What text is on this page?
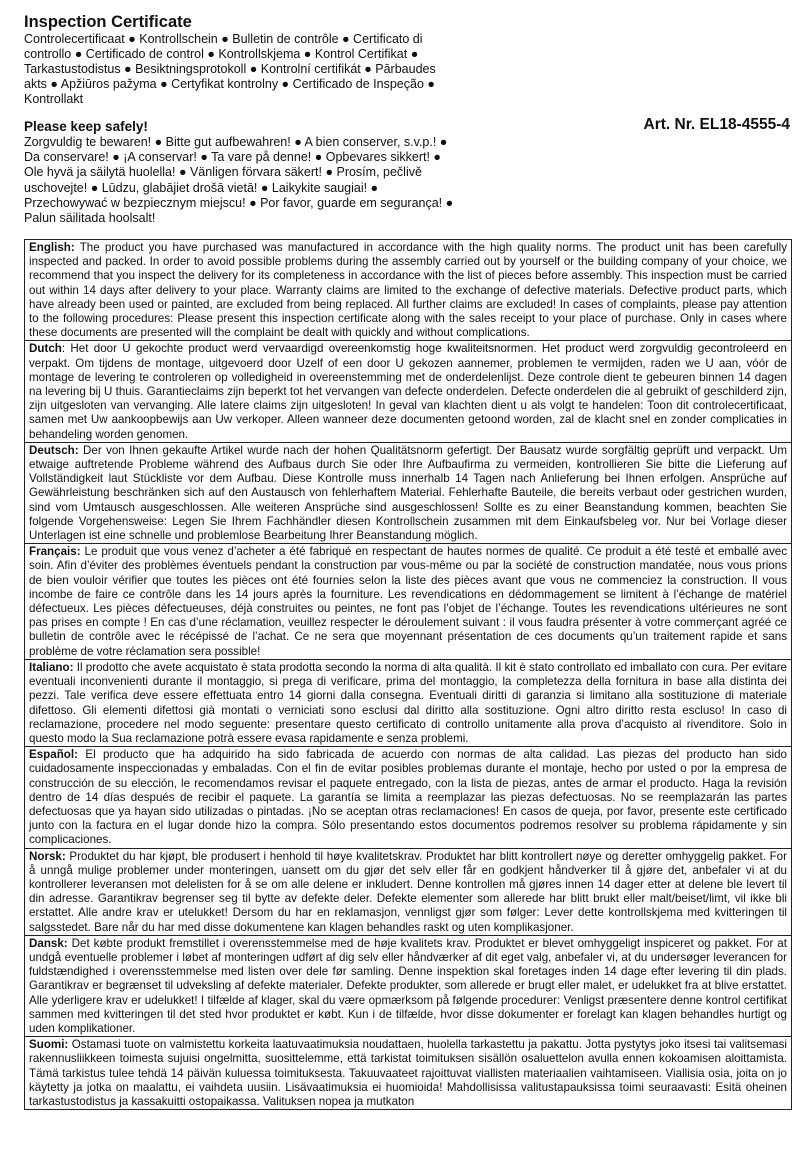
Inspection Certificate
Controlecertificaat ● Kontrollschein ● Bulletin de contrôle ● Certificato di controllo ● Certificado de control ● Kontrollskjema ● Kontrol Certifikat ● Tarkastustodistus ● Besiktningsprotokoll ● Kontrolní certifikát ● Pārbaudes akts ● Apžiūros pažyma ● Certyfikat kontrolny ● Certificado de Inspeção ● Kontrollakt
Please keep safely!
Zorgvuldig te bewaren! ● Bitte gut aufbewahren! ● A bien conserver, s.v.p.! ● Da conservare! ● ¡A conservar! ● Ta vare på denne! ● Opbevares sikkert! ● Ole hyvä ja säilytä huolella! ● Vänligen förvara säkert! ● Prosím, pečlivě uschovejte! ● Lūdzu, glabājiet drošā vietā! ● Laikykite saugiai! ● Przechowywać w bezpiecznym miejscu! ● Por favor, guarde em segurança! ● Palun säilitada hoolsalt!
Art. Nr. EL18-4555-4
English: The product you have purchased was manufactured in accordance with the high quality norms. The product unit has been carefully inspected and packed. In order to avoid possible problems during the assembly carried out by yourself or the building company of your choice, we recommend that you inspect the delivery for its completeness in accordance with the list of pieces before assembly. This inspection must be carried out within 14 days after delivery to your place. Warranty claims are limited to the exchange of defective materials. Defective product parts, which have already been used or painted, are excluded from being replaced. All further claims are excluded! In cases of complaints, please pay attention to the following procedures: Please present this inspection certificate along with the sales receipt to your place of purchase. Only in cases where these documents are presented will the complaint be dealt with quickly and without complications.
Dutch: Het door U gekochte product werd vervaardigd overeenkomstig hoge kwaliteitsnormen. Het product werd zorgvuldig gecontroleerd en verpakt. Om tijdens de montage, uitgevoerd door Uzelf of een door U gekozen aannemer, problemen te vermijden, raden we U aan, vóór de montage de levering te controleren op volledigheid in overeenstemming met de onderdelenlijst. Deze controle dient te gebeuren binnen 14 dagen na levering bij U thuis. Garantieclaims zijn beperkt tot het vervangen van defecte onderdelen. Defecte onderdelen die al gebruikt of geschilderd zijn, zijn uitgesloten van vervanging. Alle latere claims zijn uitgesloten! In geval van klachten dient u als volgt te handelen: Toon dit controlecertificaat, samen met Uw aankoopbewijs aan Uw verkoper. Alleen wanneer deze documenten getoond worden, zal de klacht snel en zonder complicaties in behandeling worden genomen.
Deutsch: Der von Ihnen gekaufte Artikel wurde nach der hohen Qualitätsnorm gefertigt. Der Bausatz wurde sorgfältig geprüft und verpackt. Um etwaige auftretende Probleme während des Aufbaus durch Sie oder Ihre Aufbaufirma zu vermeiden, kontrollieren Sie bitte die Lieferung auf Vollständigkeit laut Stückliste vor dem Aufbau. Diese Kontrolle muss innerhalb 14 Tagen nach Anlieferung bei Ihnen erfolgen. Ansprüche auf Gewährleistung beschränken sich auf den Austausch von fehlerhaftem Material. Fehlerhafte Bauteile, die bereits verbaut oder gestrichen wurden, sind vom Umtausch ausgeschlossen. Alle weiteren Ansprüche sind ausgeschlossen! Sollte es zu einer Beanstandung kommen, beachten Sie folgende Vorgehensweise: Legen Sie Ihrem Fachhändler diesen Kontrollschein zusammen mit dem Einkaufsbeleg vor. Nur bei Vorlage dieser Unterlagen ist eine schnelle und problemlose Bearbeitung Ihrer Beanstandung möglich.
Français: Le produit que vous venez d’acheter a été fabriqué en respectant de hautes normes de qualité. Ce produit a été testé et emballé avec soin. Afin d’éviter des problèmes éventuels pendant la construction par vous-même ou par la société de construction mandatée, nous vous prions de bien vouloir vérifier que toutes les pièces ont été fournies selon la liste des pièces avant que vous ne commenciez la construction. Il vous incombe de faire ce contrôle dans les 14 jours après la fourniture. Les revendications en dédommagement se limitent à l’échange de matériel défectueux. Les pièces défectueuses, déjà construites ou peintes, ne font pas l’objet de l’échange. Toutes les revendications ultérieures ne sont pas prises en compte ! En cas d’une réclamation, veuillez respecter le déroulement suivant : il vous faudra présenter à votre commerçant agréé ce bulletin de contrôle avec le récépissé de l’achat. Ce ne sera que moyennant présentation de ces documents qu’un traitement rapide et sans problème de votre réclamation sera possible!
Italiano: Il prodotto che avete acquistato è stata prodotta secondo la norma di alta qualità. Il kit è stato controllato ed imballato con cura. Per evitare eventuali inconvenienti durante il montaggio, si prega di verificare, prima del montaggio, la completezza della fornitura in base alla distinta dei pezzi. Tale verifica deve essere effettuata entro 14 giorni dalla consegna. Eventuali diritti di garanzia si limitano alla sostituzione di materiale difettoso. Gli elementi difettosi già montati o verniciati sono esclusi dal diritto alla sostituzione. Ogni altro diritto resta escluso! In caso di reclamazione, procedere nel modo seguente: presentare questo certificato di controllo unitamente alla prova d’acquisto al rivenditore. Solo in questo modo la Sua reclamazione potrà essere evasa rapidamente e senza problemi.
Español: El producto que ha adquirido ha sido fabricada de acuerdo con normas de alta calidad. Las piezas del producto han sido cuidadosamente inspeccionadas y embaladas. Con el fin de evitar posibles problemas durante el montaje, hecho por usted o por la empresa de construcción de su elección, le recomendamos revisar el paquete entregado, con la lista de piezas, antes de armar el producto. Haga la revisión dentro de 14 días después de recibir el paquete. La garantía se limita a reemplazar las piezas defectuosas. No se reemplazarán las partes defectuosas que ya hayan sido utilizadas o pintadas. ¡No se aceptan otras reclamaciones! En casos de queja, por favor, presente este certificado junto con la factura en el lugar donde hizo la compra. Sólo presentando estos documentos podremos resolver su problema rápidamente y sin complicaciones.
Norsk: Produktet du har kjøpt, ble produsert i henhold til høye kvalitetskrav. Produktet har blitt kontrollert nøye og deretter omhyggelig pakket. For å unngå mulige problemer under monteringen, uansett om du gjør det selv eller får en godkjent håndverker til å gjøre det, anbefaler vi at du kontrollerer leveransen mot delelisten for å se om alle delene er inkludert. Denne kontrollen må gjøres innen 14 dager etter at delene ble levert til din adresse. Garantikrav begrenser seg til bytte av defekte deler. Defekte elementer som allerede har blitt brukt eller malt/beiset/limt, vil ikke bli erstattet. Alle andre krav er utelukket! Dersom du har en reklamasjon, vennligst gjør som følger: Lever dette kontrollskjema med kvitteringen til salgsstedet. Bare når du har med disse dokumentene kan klagen behandles raskt og uten komplikasjoner.
Dansk: Det købte produkt fremstillet i overensstemmelse med de høje kvalitets krav. Produktet er blevet omhyggeligt inspiceret og pakket. For at undgå eventuelle problemer i løbet af monteringen udført af dig selv eller håndværker af dit eget valg, anbefaler vi, at du undersøger leverancen for fuldstændighed i overensstemmelse med listen over dele før samling. Denne inspektion skal foretages inden 14 dage efter levering til din plads. Garantikrav er begrænset til udveksling af defekte materialer. Defekte produkter, som allerede er brugt eller malet, er udelukket fra at blive erstattet. Alle yderligere krav er udelukket! I tilfælde af klager, skal du være opmærksom på følgende procedurer: Venligst præsentere denne kontrol certifikat sammen med kvitteringen til det sted hvor produktet er købt. Kun i de tilfælde, hvor disse dokumenter er forelagt kan klagen behandles hurtigt og uden komplikationer.
Suomi: Ostamasi tuote on valmistettu korkeita laatuvaatimuksia noudattaen, huolella tarkastettu ja pakattu. Jotta pystytys joko itsesi tai valitsemasi rakennusliikkeen toimesta sujuisi ongelmitta, suosittelemme, että tarkistat toimituksen sisällön osaluettelon avulla ennen kokoamisen aloittamista. Tämä tarkistus tulee tehdä 14 päivän kuluessa toimituksesta. Takuuvaateet rajoittuvat viallisten materiaalien vaihtamiseen. Viallisia osia, joita on jo käytetty ja jotka on maalattu, ei vaihdeta uusiin. Lisävaatimuksia ei huomioida! Mahdollisissa valitustapauksissa toimi seuraavasti: Esitä oheinen tarkastustodistus ja kassakuitti ostopaikassa. Valituksen nopea ja mutkaton
